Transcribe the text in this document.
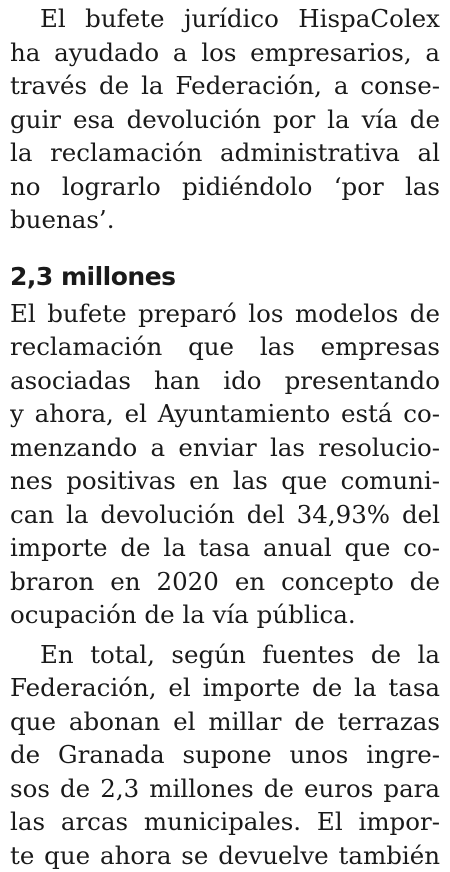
El bufete jurídico HispaColex
ha ayudado a los empresarios, a
través de la Federación, a conse-
guir esa devolución por la vía de
la reclamación administrativa al
no lograrlo pidiéndolo ‘por las
buenas’.
2,3 millones
El bufete preparó los modelos de
reclamación que las empresas
asociadas han ido presentando
y ahora, el Ayuntamiento está co-
menzando a enviar las resolucio-
nes positivas en las que comuni-
can la devolución del 34,93% del
importe de la tasa anual que co-
braron en 2020 en concepto de
ocupación de la vía pública.
En total, según fuentes de la
Federación, el importe de la tasa
que abonan el millar de terrazas
de Granada supone unos ingre-
sos de 2,3 millones de euros para
las arcas municipales. El impor-
te que ahora se devuelve también
